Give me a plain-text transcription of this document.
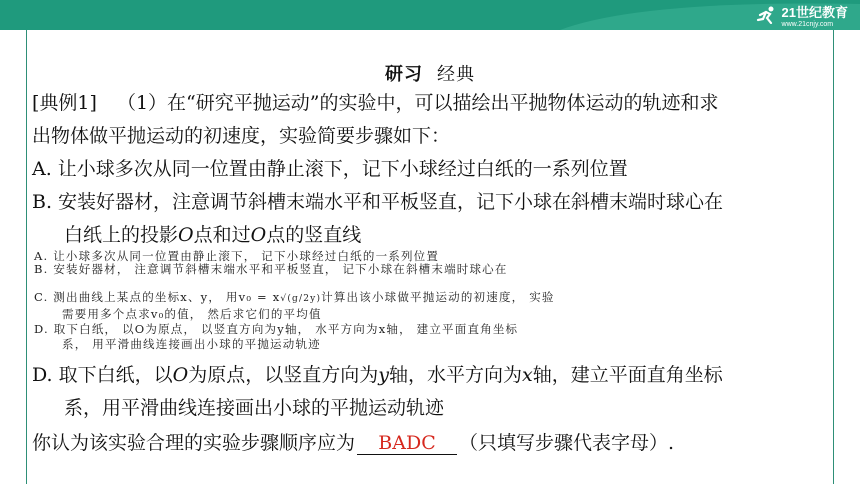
21世纪教育
www.21cnjy.com
研习 经典
[典例1] （1）在“研究平抛运动”的实验中，可以描绘出平抛物体运动的轨迹和求
出物体做平抛运动的初速度，实验简要步骤如下：
A. 让小球多次从同一位置由静止滚下，记下小球经过白纸的一系列位置
B. 安装好器材，注意调节斜槽末端水平和平板竖直，记下小球在斜槽末端时球心在
白纸上的投影O点和过O点的竖直线
A. 让小球多次从同一位置由静止滚下， 记下小球经过白纸的一系列位置
B. 安装好器材， 注意调节斜槽末端水平和平板竖直， 记下小球在斜槽末端时球心在
C. 测出曲线上某点的坐标x、y， 用v₀ = x√(g/2y)计算出该小球做平抛运动的初速度， 实验
需要用多个点求v₀的值， 然后求它们的平均值
D. 取下白纸， 以O为原点， 以竖直方向为y轴， 水平方向为x轴， 建立平面直角坐标
系， 用平滑曲线连接画出小球的平抛运动轨迹
D. 取下白纸，以O为原点，以竖直方向为y轴，水平方向为x轴，建立平面直角坐标
系，用平滑曲线连接画出小球的平抛运动轨迹
你认为该实验合理的实验步骤顺序应为 BADC （只填写步骤代表字母）.
